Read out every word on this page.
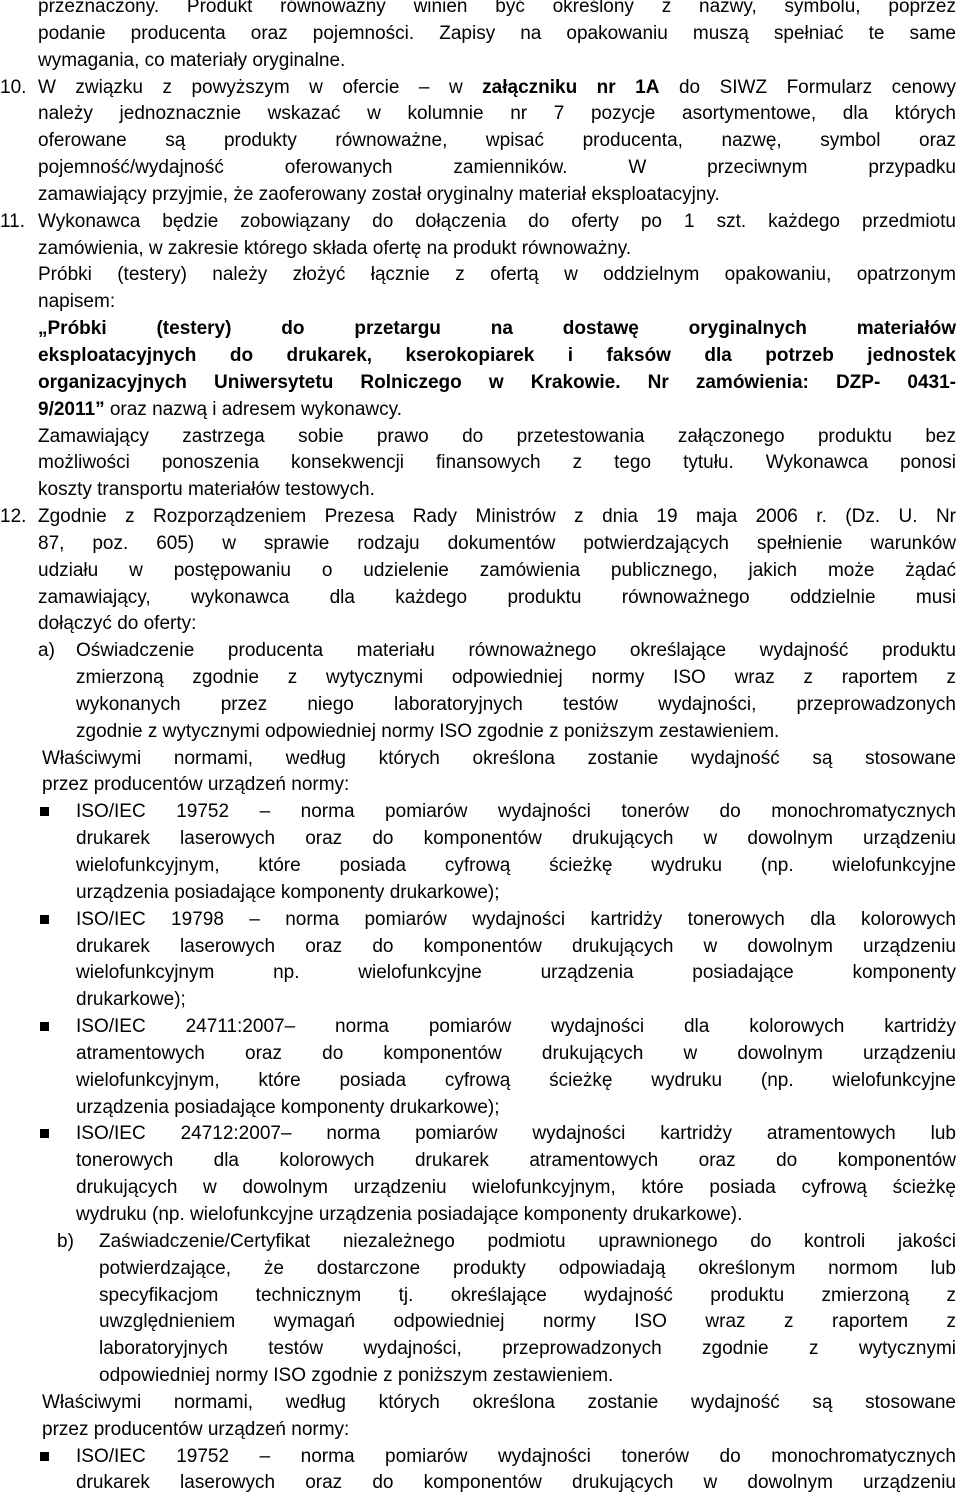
przeznaczony. Produkt równoważny winien być określony z nazwy, symbolu, poprzez
podanie producenta oraz pojemności. Zapisy na opakowaniu muszą spełniać te same
wymagania, co materiały oryginalne.
10. W związku z powyższym w ofercie – w załączniku nr 1A do SIWZ Formularz cenowy
należy jednoznacznie wskazać w kolumnie nr 7 pozycje asortymentowe, dla których
oferowane są produkty równoważne, wpisać producenta, nazwę, symbol oraz
pojemność/wydajność oferowanych zamienników. W przeciwnym przypadku
zamawiający przyjmie, że zaoferowany został oryginalny materiał eksploatacyjny.
11. Wykonawca będzie zobowiązany do dołączenia do oferty po 1 szt. każdego przedmiotu
zamówienia, w zakresie którego składa ofertę na produkt równoważny.
Próbki (testery) należy złożyć łącznie z ofertą w oddzielnym opakowaniu, opatrzonym
napisem:
„Próbki (testery) do przetargu na dostawę oryginalnych materiałów
eksploatacyjnych do drukarek, kserokopiarek i faksów dla potrzeb jednostek
organizacyjnych Uniwersytetu Rolniczego w Krakowie. Nr zamówienia: DZP- 0431-
9/2011” oraz nazwą i adresem wykonawcy.
Zamawiający zastrzega sobie prawo do przetestowania załączonego produktu bez
możliwości ponoszenia konsekwencji finansowych z tego tytułu. Wykonawca ponosi
koszty transportu materiałów testowych.
12. Zgodnie z Rozporządzeniem Prezesa Rady Ministrów z dnia 19 maja 2006 r. (Dz. U. Nr
87, poz. 605) w sprawie rodzaju dokumentów potwierdzających spełnienie warunków
udziału w postępowaniu o udzielenie zamówienia publicznego, jakich może żądać
zamawiający, wykonawca dla każdego produktu równoważnego oddzielnie musi
dołączyć do oferty:
a) Oświadczenie producenta materiału równoważnego określające wydajność produktu
zmierzoną zgodnie z wytycznymi odpowiedniej normy ISO wraz z raportem z
wykonanych przez niego laboratoryjnych testów wydajności, przeprowadzonych
zgodnie z wytycznymi odpowiedniej normy ISO zgodnie z poniższym zestawieniem.
Właściwymi normami, według których określona zostanie wydajność są stosowane
przez producentów urządzeń normy:
ISO/IEC 19752 – norma pomiarów wydajności tonerów do monochromatycznych
drukarek laserowych oraz do komponentów drukujących w dowolnym urządzeniu
wielofunkcyjnym, które posiada cyfrową ścieżkę wydruku (np. wielofunkcyjne
urządzenia posiadające komponenty drukarkowe);
ISO/IEC 19798 – norma pomiarów wydajności kartridży tonerowych dla kolorowych
drukarek laserowych oraz do komponentów drukujących w dowolnym urządzeniu
wielofunkcyjnym np. wielofunkcyjne urządzenia posiadające komponenty
drukarkowe);
ISO/IEC 24711:2007– norma pomiarów wydajności dla kolorowych kartridży
atramentowych oraz do komponentów drukujących w dowolnym urządzeniu
wielofunkcyjnym, które posiada cyfrową ścieżkę wydruku (np. wielofunkcyjne
urządzenia posiadające komponenty drukarkowe);
ISO/IEC 24712:2007– norma pomiarów wydajności kartridży atramentowych lub
tonerowych dla kolorowych drukarek atramentowych oraz do komponentów
drukujących w dowolnym urządzeniu wielofunkcyjnym, które posiada cyfrową ścieżkę
wydruku (np. wielofunkcyjne urządzenia posiadające komponenty drukarkowe).
b) Zaświadczenie/Certyfikat niezależnego podmiotu uprawnionego do kontroli jakości
potwierdzające, że dostarczone produkty odpowiadają określonym normom lub
specyfikacjom technicznym tj. określające wydajność produktu zmierzoną z
uwzględnieniem wymagań odpowiedniej normy ISO wraz z raportem z
laboratoryjnych testów wydajności, przeprowadzonych zgodnie z wytycznymi
odpowiedniej normy ISO zgodnie z poniższym zestawieniem.
Właściwymi normami, według których określona zostanie wydajność są stosowane
przez producentów urządzeń normy:
ISO/IEC 19752 – norma pomiarów wydajności tonerów do monochromatycznych
drukarek laserowych oraz do komponentów drukujących w dowolnym urządzeniu
